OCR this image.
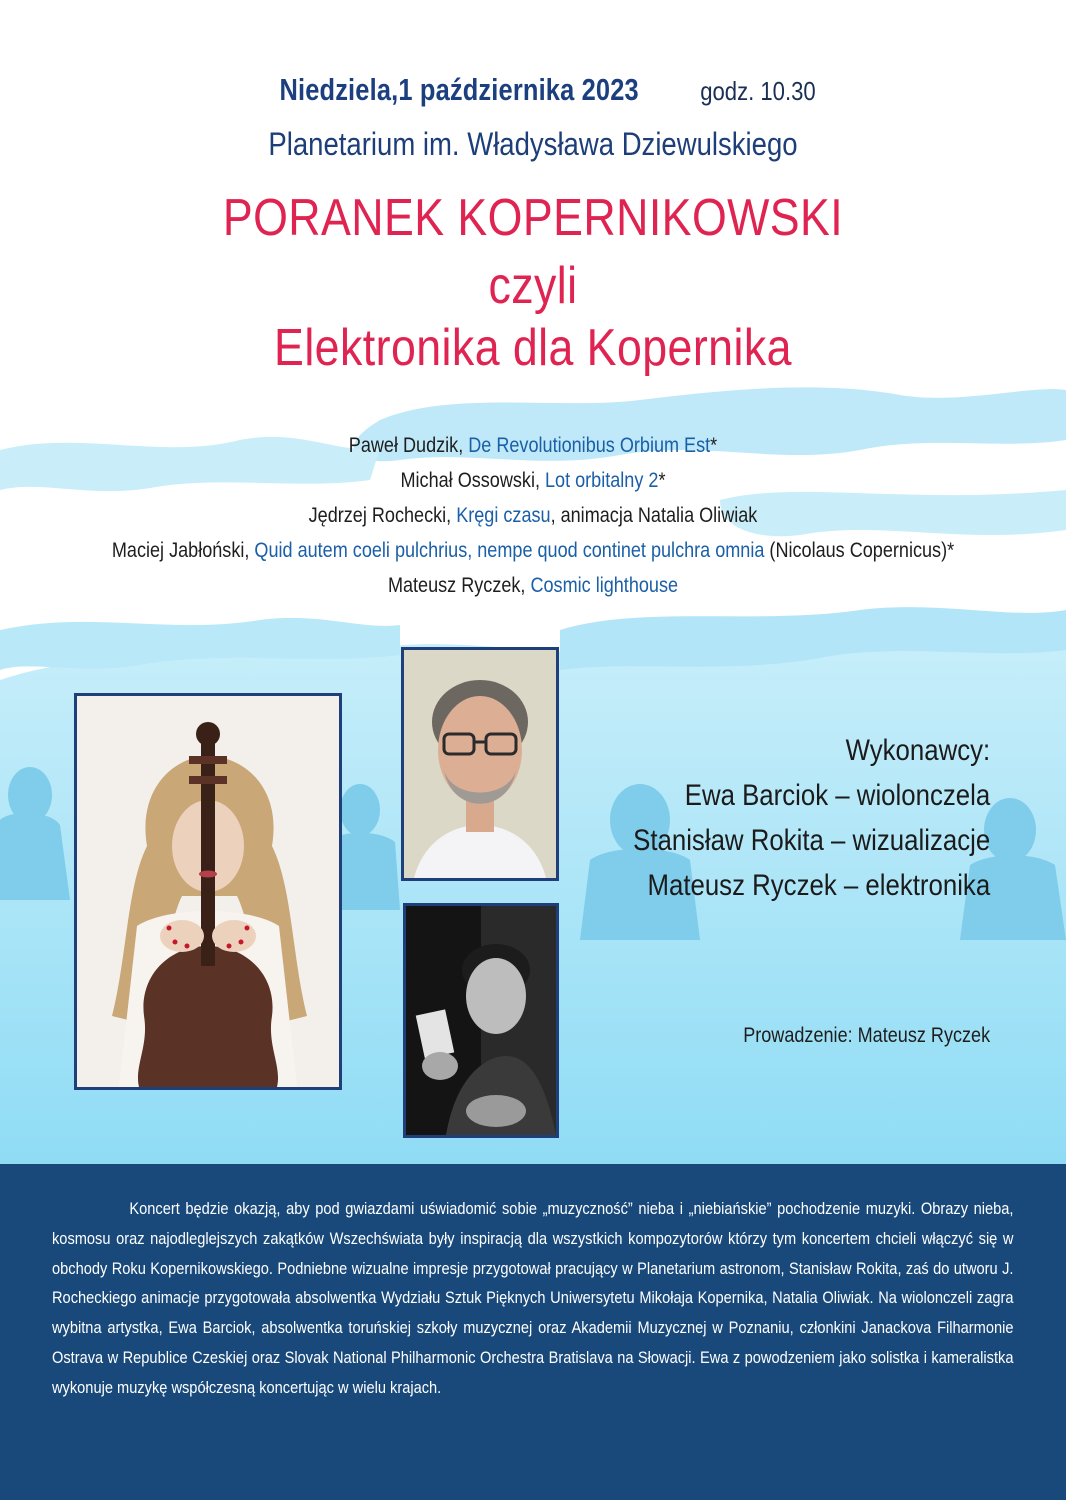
Niedziela,1 października 2023 godz. 10.30
Planetarium im. Władysława Dziewulskiego
PORANEK KOPERNIKOWSKI
czyli
Elektronika dla Kopernika
Paweł Dudzik, De Revolutionibus Orbium Est*
Michał Ossowski, Lot orbitalny 2*
Jędrzej Rochecki, Kręgi czasu, animacja Natalia Oliwiak
Maciej Jabłoński, Quid autem coeli pulchrius, nempe quod continet pulchra omnia (Nicolaus Copernicus)*
Mateusz Ryczek, Cosmic lighthouse
Wykonawcy:
Ewa Barciok – wiolonczela
Stanisław Rokita – wizualizacje
Mateusz Ryczek – elektronika
Prowadzenie: Mateusz Ryczek
Koncert będzie okazją, aby pod gwiazdami uświadomić sobie „muzyczność” nieba i „niebiańskie” pochodzenie muzyki. Obrazy nieba, kosmosu oraz najodleglejszych zakątków Wszechświata były inspiracją dla wszystkich kompozytorów którzy tym koncertem chcieli włączyć się w obchody Roku Kopernikowskiego. Podniebne wizualne impresje przygotował pracujący w Planetarium astronom, Stanisław Rokita, zaś do utworu J. Rocheckiego animacje przygotowała absolwentka Wydziału Sztuk Pięknych Uniwersytetu Mikołaja Kopernika, Natalia Oliwiak. Na wiolonczeli zagra wybitna artystka, Ewa Barciok, absolwentka toruńskiej szkoły muzycznej oraz Akademii Muzycznej w Poznaniu, członkini Janackova Filharmonie Ostrava w Republice Czeskiej oraz Slovak National Philharmonic Orchestra Bratislava na Słowacji. Ewa z powodzeniem jako solistka i kameralistka wykonuje muzykę współczesną koncertując w wielu krajach.
